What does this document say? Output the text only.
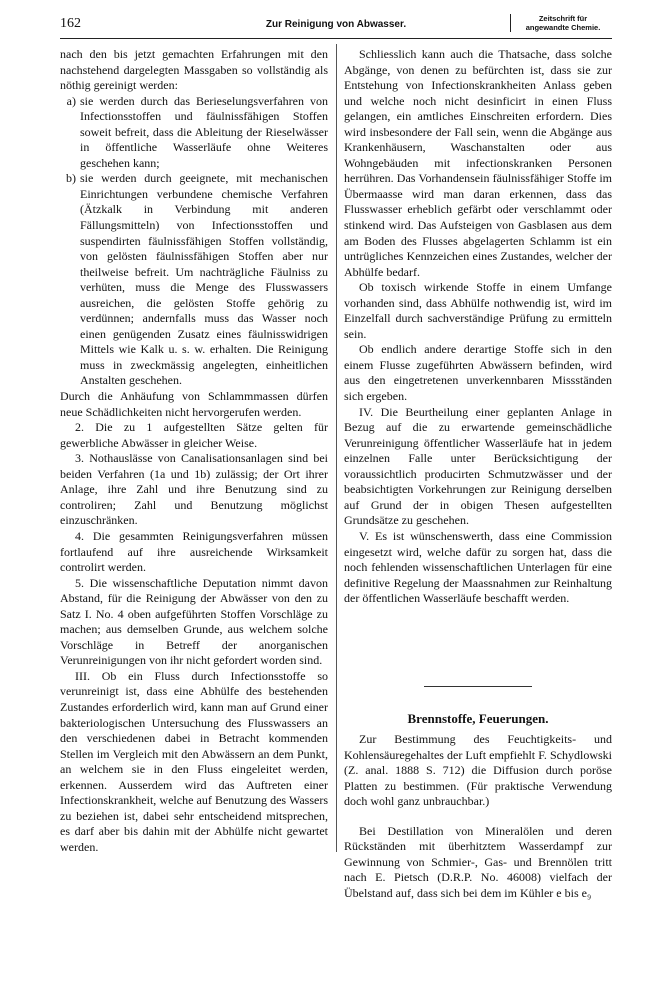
162	Zur Reinigung von Abwasser.
Zeitschrift für
angewandte Chemie.

nach den bis jetzt gemachten Erfahrungen mit den nachstehend dargelegten Massgaben so vollständig als nöthig gereinigt werden:

a) sie werden durch das Berieselungsverfahren von Infectionsstoffen und fäulnissfähigen Stoffen soweit befreit, dass die Ableitung der Rieselwässer in öffentliche Wasserläufe ohne Weiteres geschehen kann;

b) sie werden durch geeignete, mit mechanischen Einrichtungen verbundene chemische Verfahren (Ätzkalk in Verbindung mit anderen Fällungsmitteln) von Infectionsstoffen und suspendirten fäulnissfähigen Stoffen vollständig, von gelösten fäulnissfähigen Stoffen aber nur theilweise befreit. Um nachträgliche Fäulniss zu verhüten, muss die Menge des Flusswassers ausreichen, die gelösten Stoffe gehörig zu verdünnen; andernfalls muss das Wasser noch einen genügenden Zusatz eines fäulnisswidrigen Mittels wie Kalk u. s. w. erhalten. Die Reinigung muss in zweckmässig angelegten, einheitlichen Anstalten geschehen.

Durch die Anhäufung von Schlammmassen dürfen neue Schädlichkeiten nicht hervorgerufen werden.

2. Die zu 1 aufgestellten Sätze gelten für gewerbliche Abwässer in gleicher Weise.

3. Nothauslässe von Canalisationsanlagen sind bei beiden Verfahren (1a und 1b) zulässig; der Ort ihrer Anlage, ihre Zahl und ihre Benutzung sind zu controliren; Zahl und Benutzung möglichst einzuschränken.

4. Die gesammten Reinigungsverfahren müssen fortlaufend auf ihre ausreichende Wirksamkeit controlirt werden.

5. Die wissenschaftliche Deputation nimmt davon Abstand, für die Reinigung der Abwässer von den zu Satz I. No. 4 oben aufgeführten Stoffen Vorschläge zu machen; aus demselben Grunde, aus welchem solche Vorschläge in Betreff der anorganischen Verunreinigungen von ihr nicht gefordert worden sind.

III. Ob ein Fluss durch Infectionsstoffe so verunreinigt ist, dass eine Abhülfe des bestehenden Zustandes erforderlich wird, kann man auf Grund einer bakteriologischen Untersuchung des Flusswassers an den verschiedenen dabei in Betracht kommenden Stellen im Vergleich mit den Abwässern an dem Punkt, an welchem sie in den Fluss eingeleitet werden, erkennen. Ausserdem wird das Auftreten einer Infectionskrankheit, welche auf Benutzung des Wassers zu beziehen ist, dabei sehr entscheidend mitsprechen, es darf aber bis dahin mit der Abhülfe nicht gewartet werden.

Schliesslich kann auch die Thatsache, dass solche Abgänge, von denen zu befürchten ist, dass sie zur Entstehung von Infectionskrankheiten Anlass geben und welche noch nicht desinficirt in einen Fluss gelangen, ein amtliches Einschreiten erfordern. Dies wird insbesondere der Fall sein, wenn die Abgänge aus Krankenhäusern, Waschanstalten oder aus Wohngebäuden mit infectionskranken Personen herrühren. Das Vorhandensein fäulnissfähiger Stoffe im Übermaasse wird man daran erkennen, dass das Flusswasser erheblich gefärbt oder verschlammt oder stinkend wird. Das Aufsteigen von Gasblasen aus dem am Boden des Flusses abgelagerten Schlamm ist ein untrügliches Kennzeichen eines Zustandes, welcher der Abhülfe bedarf.

Ob toxisch wirkende Stoffe in einem Umfange vorhanden sind, dass Abhülfe nothwendig ist, wird im Einzelfall durch sachverständige Prüfung zu ermitteln sein.

Ob endlich andere derartige Stoffe sich in den einem Flusse zugeführten Abwässern befinden, wird aus den eingetretenen unverkennbaren Missständen sich ergeben.

IV. Die Beurtheilung einer geplanten Anlage in Bezug auf die zu erwartende gemeinschädliche Verunreinigung öffentlicher Wasserläufe hat in jedem einzelnen Falle unter Berücksichtigung der voraussichtlich producirten Schmutzwässer und der beabsichtigten Vorkehrungen zur Reinigung derselben auf Grund der in obigen Thesen aufgestellten Grundsätze zu geschehen.

V. Es ist wünschenswerth, dass eine Commission eingesetzt wird, welche dafür zu sorgen hat, dass die noch fehlenden wissenschaftlichen Unterlagen für eine definitive Regelung der Maassnahmen zur Reinhaltung der öffentlichen Wasserläufe beschafft werden.

Brennstoffe, Feuerungen.

Zur Bestimmung des Feuchtigkeits- und Kohlensäuregehaltes der Luft empfiehlt F. Schydlowski (Z. anal. 1888 S. 712) die Diffusion durch poröse Platten zu bestimmen. (Für praktische Verwendung doch wohl ganz unbrauchbar.)

Bei Destillation von Mineralölen und deren Rückständen mit überhitztem Wasserdampf zur Gewinnung von Schmier-, Gas- und Brennölen tritt nach E. Pietsch (D.R.P. No. 46008) vielfach der Übelstand auf, dass sich bei dem im Kühler e bis e₉
